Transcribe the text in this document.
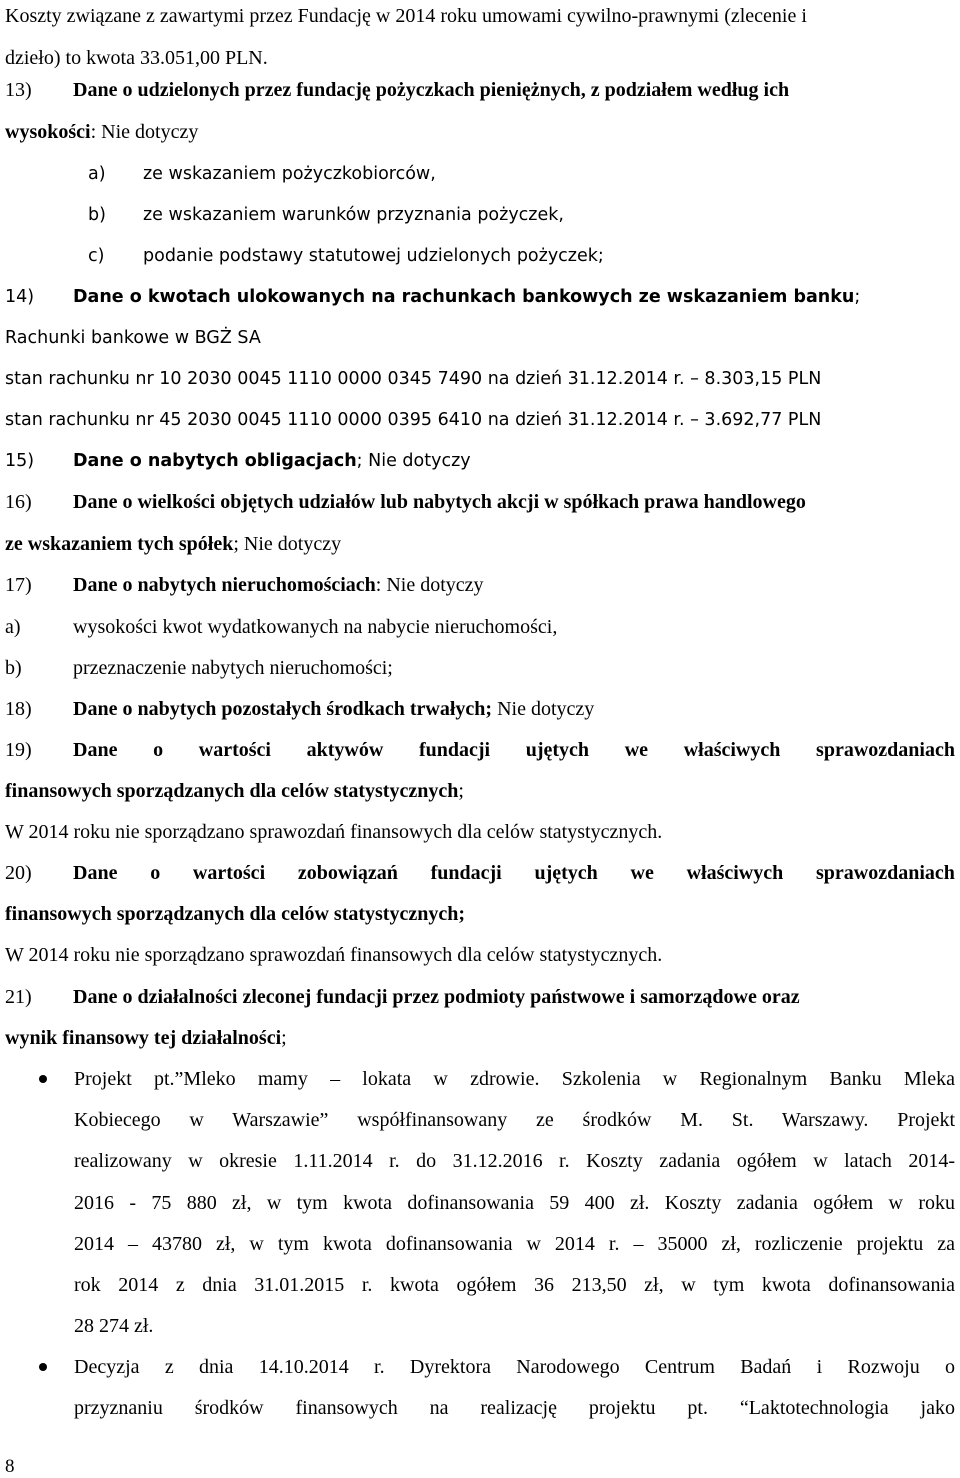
Koszty związane z zawartymi przez Fundację w 2014 roku umowami cywilno-prawnymi (zlecenie i
dzieło) to kwota 33.051,00 PLN.
13) Dane o udzielonych przez fundację pożyczkach pieniężnych, z podziałem według ich
wysokości: Nie dotyczy
a) ze wskazaniem pożyczkobiorców,
b) ze wskazaniem warunków przyznania pożyczek,
c) podanie podstawy statutowej udzielonych pożyczek;
14) Dane o kwotach ulokowanych na rachunkach bankowych ze wskazaniem banku;
Rachunki bankowe w BGŻ SA
stan rachunku nr 10 2030 0045 1110 0000 0345 7490 na dzień 31.12.2014 r. – 8.303,15 PLN
stan rachunku nr 45 2030 0045 1110 0000 0395 6410 na dzień 31.12.2014 r. – 3.692,77 PLN
15) Dane o nabytych obligacjach; Nie dotyczy
16) Dane o wielkości objętych udziałów lub nabytych akcji w spółkach prawa handlowego
ze wskazaniem tych spółek; Nie dotyczy
17) Dane o nabytych nieruchomościach: Nie dotyczy
a)	wysokości kwot wydatkowanych na nabycie nieruchomości,
b)	przeznaczenie nabytych nieruchomości;
18) Dane o nabytych pozostałych środkach trwałych; Nie dotyczy
19)	Dane o wartości aktywów fundacji ujętych we właściwych sprawozdaniach
finansowych sporządzanych dla celów statystycznych;
W 2014 roku nie sporządzano sprawozdań finansowych dla celów statystycznych.
20)	Dane o wartości zobowiązań fundacji ujętych we właściwych sprawozdaniach
finansowych sporządzanych dla celów statystycznych;
W 2014 roku nie sporządzano sprawozdań finansowych dla celów statystycznych.
21) Dane o działalności zleconej fundacji przez podmioty państwowe i samorządowe oraz
wynik finansowy tej działalności;
Projekt pt.”Mleko mamy – lokata w zdrowie. Szkolenia w Regionalnym Banku Mleka
Kobiecego w Warszawie” współfinansowany ze środków M. St. Warszawy. Projekt
realizowany w okresie 1.11.2014 r. do 31.12.2016 r. Koszty zadania ogółem w latach 2014-
2016 - 75 880 zł, w tym kwota dofinansowania 59 400 zł. Koszty zadania ogółem w roku
2014 – 43780 zł, w tym kwota dofinansowania w 2014 r. – 35000 zł, rozliczenie projektu za
rok 2014 z dnia 31.01.2015 r. kwota ogółem 36 213,50 zł, w tym kwota dofinansowania
28 274 zł.
Decyzja z dnia 14.10.2014 r. Dyrektora Narodowego Centrum Badań i Rozwoju o
przyznaniu środków finansowych na realizację projektu pt. “Laktotechnologia jako
8
